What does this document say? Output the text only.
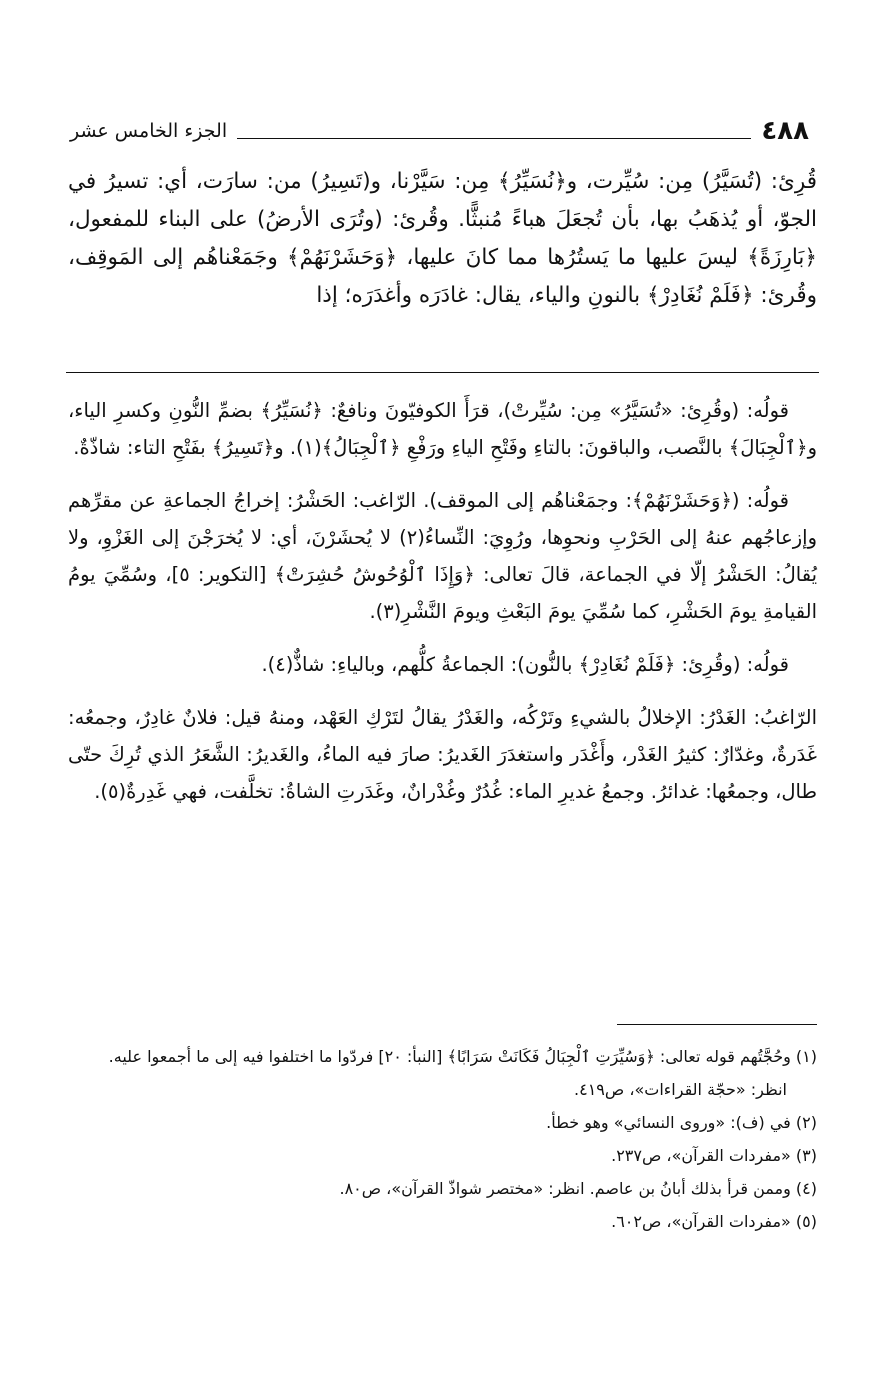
٤٨٨
الجزء الخامس عشر
قُرِئ: (تُسَيَّرُ) مِن: سُيِّرت، و﴿نُسَيِّرُ﴾ مِن: سَيَّرْنا، و(تَسِيرُ) من: سارَت، أي: تسيرُ في الجوّ، أو يُذهَبُ بها، بأن تُجعَلَ هباءً مُنبثًّا. وقُرئ: (وتُرَى الأرضُ) على البناء للمفعول، ﴿بَارِزَةً﴾ ليسَ عليها ما يَستُرُها مما كانَ عليها، ﴿وَحَشَرْنَهُمْ﴾ وجَمَعْناهُم إلى المَوقِف، وقُرئ: ﴿فَلَمْ نُغَادِرْ﴾ بالنونِ والياء، يقال: غادَرَه وأغدَرَه؛ إذا

قولُه: (وقُرِئ: «تُسَيَّرُ» مِن: سُيِّرتْ)، قرَأَ الكوفيّونَ ونافعٌ: ﴿نُسَيِّرُ﴾ بضمِّ النُّونِ وكسرِ الياء، و﴿ٱلْجِبَالَ﴾ بالنَّصب، والباقونَ: بالتاءِ وفَتْحِ الياءِ ورَفْعِ ﴿ٱلْجِبَالُ﴾(١). و﴿تَسِيرُ﴾ بفَتْحِ التاء: شاذّةٌ.

قولُه: (﴿وَحَشَرْنَهُمْ﴾: وجمَعْناهُم إلى الموقف). الرّاغب: الحَشْرُ: إخراجُ الجماعةِ عن مقرِّهم وإزعاجُهم عنهُ إلى الحَرْبِ ونحوِها، ورُوِيَ: النِّساءُ(٢) لا يُحشَرْنَ، أي: لا يُخرَجْنَ إلى الغَزْوِ، ولا يُقالُ: الحَشْرُ إلّا في الجماعة، قالَ تعالى: ﴿وَإِذَا ٱلْوُحُوشُ حُشِرَتْ﴾ [التكوير: ٥]، وسُمِّيَ يومُ القيامةِ يومَ الحَشْرِ، كما سُمِّيَ يومَ البَعْثِ ويومَ النَّشْرِ(٣).

قولُه: (وقُرِئ: ﴿فَلَمْ نُغَادِرْ﴾ بالنُّون): الجماعةُ كلُّهم، وبالياءِ: شاذٌّ(٤).

الرّاغبُ: الغَدْرُ: الإخلالُ بالشيءِ وتَرْكُه، والغَدْرُ يقالُ لتَرْكِ العَهْد، ومنهُ قيل: فلانٌ غادِرٌ، وجمعُه: غَدَرةٌ، وغدّارٌ: كثيرُ الغَدْر، وأَغْدَر واستغدَرَ الغَديرُ: صارَ فيه الماءُ، والغَديرُ: الشَّعَرُ الذي تُرِكَ حتّى طال، وجمعُها: غدائرُ. وجمعُ غديرِ الماء: غُدُرٌ وغُدْرانٌ، وغَدَرتِ الشاةُ: تخلَّفت، فهي غَدِرةٌ(٥).

(١) وحُجَّتُهم قوله تعالى: ﴿وَسُيِّرَتِ ٱلْجِبَالُ فَكَانَتْ سَرَابًا﴾ [النبأ: ٢٠] فردّوا ما اختلفوا فيه إلى ما أجمعوا عليه.

انظر: «حجّة القراءات»، ص٤١٩.

(٢) في (ف): «وروى النسائي» وهو خطأ.

(٣) «مفردات القرآن»، ص٢٣٧.

(٤) وممن قرأ بذلك أبانُ بن عاصم. انظر: «مختصر شواذّ القرآن»، ص٨٠.

(٥) «مفردات القرآن»، ص٦٠٢.
